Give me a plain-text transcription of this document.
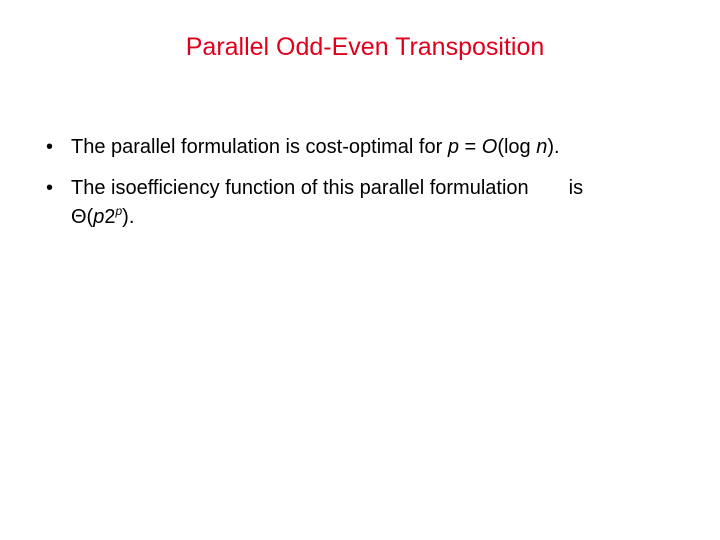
Parallel Odd-Even Transposition
• The parallel formulation is cost-optimal for p = O(log n).
• The isoefficiency function of this parallel formulation is
Θ(p2$^p$).
